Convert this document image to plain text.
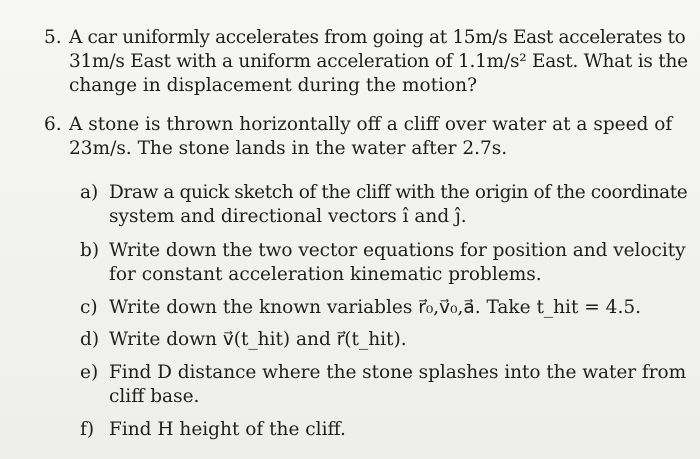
5. A car uniformly accelerates from going at 15m/s East accelerates to
31m/s East with a uniform acceleration of 1.1m/s² East. What is the
change in displacement during the motion?
6. A stone is thrown horizontally off a cliff over water at a speed of
23m/s. The stone lands in the water after 2.7s.
a) Draw a quick sketch of the cliff with the origin of the coordinate
system and directional vectors î and ĵ.
b) Write down the two vector equations for position and velocity
for constant acceleration kinematic problems.
c) Write down the known variables r⃗₀,v⃗₀,a⃗. Take t_hit = 4.5.
d) Write down v⃗(t_hit) and r⃗(t_hit).
e) Find D distance where the stone splashes into the water from
cliff base.
f) Find H height of the cliff.
